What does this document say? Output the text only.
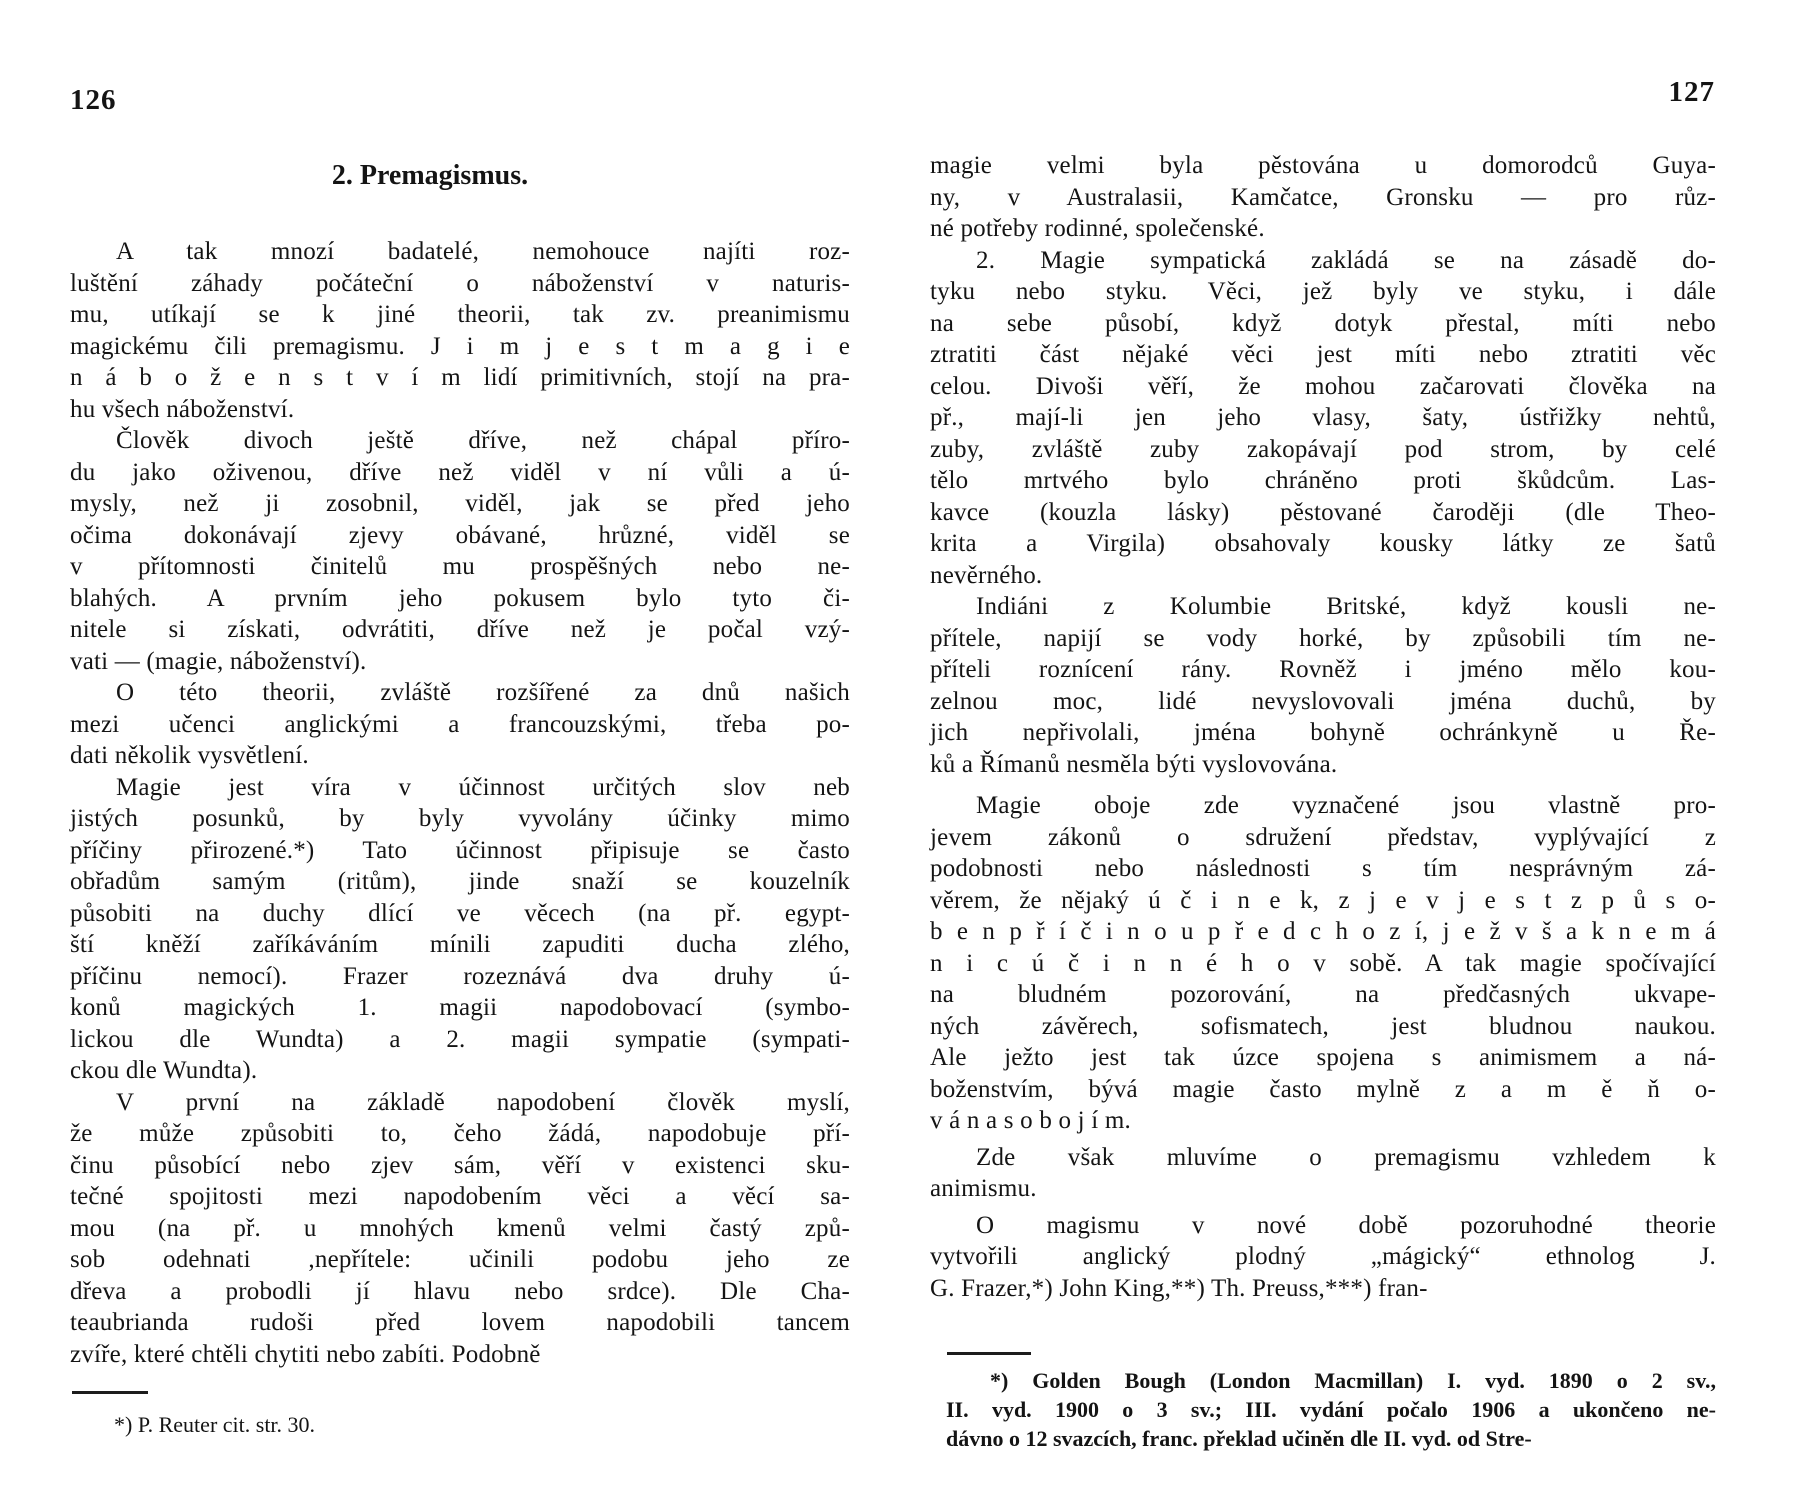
126	127
2. Premagismus.
A tak mnozí badatelé, nemohouce najíti roz-
luštění záhady počáteční o náboženství v naturis-
mu, utíkají se k jiné theorii, tak zv. preanimismu
magickému čili premagismu. J i m j e s t m a g i e
n á b o ž e n s t v í m lidí primitivních, stojí na pra-
hu všech náboženství.
Člověk divoch ještě dříve, než chápal příro-
du jako oživenou, dříve než viděl v ní vůli a ú-
mysly, než ji zosobnil, viděl, jak se před jeho
očima dokonávají zjevy obávané, hrůzné, viděl se
v přítomnosti činitelů mu prospěšných nebo ne-
blahých. A prvním jeho pokusem bylo tyto či-
nitele si získati, odvrátiti, dříve než je počal vzý-
vati — (magie, náboženství).
O této theorii, zvláště rozšířené za dnů našich
mezi učenci anglickými a francouzskými, třeba po-
dati několik vysvětlení.
Magie jest víra v účinnost určitých slov neb
jistých posunků, by byly vyvolány účinky mimo
příčiny přirozené.*) Tato účinnost připisuje se často
obřadům samým (ritům), jinde snaží se kouzelník
působiti na duchy dlící ve věcech (na př. egypt-
ští kněží zaříkáváním mínili zapuditi ducha zlého,
příčinu nemocí). Frazer rozeznává dva druhy ú-
konů magických 1. magii napodobovací (symbo-
lickou dle Wundta) a 2. magii sympatie (sympati-
ckou dle Wundta).
V první na základě napodobení člověk myslí,
že může způsobiti to, čeho žádá, napodobuje pří-
činu působící nebo zjev sám, věří v existenci sku-
tečné spojitosti mezi napodobením věci a věcí sa-
mou (na př. u mnohých kmenů velmi častý způ-
sob odehnati ,nepřítele: učinili podobu jeho ze
dřeva a probodli jí hlavu nebo srdce). Dle Cha-
teaubrianda rudoši před lovem napodobili tancem
zvíře, které chtěli chytiti nebo zabíti. Podobně
magie velmi byla pěstována u domorodců Guya-
ny, v Australasii, Kamčatce, Gronsku — pro růz-
né potřeby rodinné, společenské.
2. Magie sympatická zakládá se na zásadě do-
tyku nebo styku. Věci, jež byly ve styku, i dále
na sebe působí, když dotyk přestal, míti nebo
ztratiti část nějaké věci jest míti nebo ztratiti věc
celou. Divoši věří, že mohou začarovati člověka na
př., mají-li jen jeho vlasy, šaty, ústřižky nehtů,
zuby, zvláště zuby zakopávají pod strom, by celé
tělo mrtvého bylo chráněno proti škůdcům. Las-
kavce (kouzla lásky) pěstované čaroději (dle Theo-
krita a Virgila) obsahovaly kousky látky ze šatů
nevěrného.
Indiáni z Kolumbie Britské, když kousli ne-
přítele, napijí se vody horké, by způsobili tím ne-
příteli roznícení rány. Rovněž i jméno mělo kou-
zelnou moc, lidé nevyslovovali jména duchů, by
jich nepřivolali, jména bohyně ochránkyně u Ře-
ků a Římanů nesměla býti vyslovována.
Magie oboje zde vyznačené jsou vlastně pro-
jevem zákonů o sdružení představ, vyplývající z
podobnosti nebo následnosti s tím nesprávným zá-
věrem, že nějaký ú č i n e k, z j e v j e s t z p ů s o-
b e n p ř í č i n o u p ř e d c h o z í, j e ž v š a k n e m á
n i c ú č i n n é h o v sobě. A tak magie spočívající
na bludném pozorování, na předčasných ukvape-
ných závěrech, sofismatech, jest bludnou naukou.
Ale ježto jest tak úzce spojena s animismem a ná-
boženstvím, bývá magie často mylně z a m ě ň o-
v á n a s o b o j í m.
Zde však mluvíme o premagismu vzhledem k
animismu.
O magismu v nové době pozoruhodné theorie
vytvořili anglický plodný „mágický“ ethnolog J.
G. Frazer,*) John King,**) Th. Preuss,***) fran-
*) P. Reuter cit. str. 30.
*) Golden Bough (London Macmillan) I. vyd. 1890 o 2 sv.,
II. vyd. 1900 o 3 sv.; III. vydání počalo 1906 a ukončeno ne-
dávno o 12 svazcích, franc. překlad učiněn dle II. vyd. od Stre-
